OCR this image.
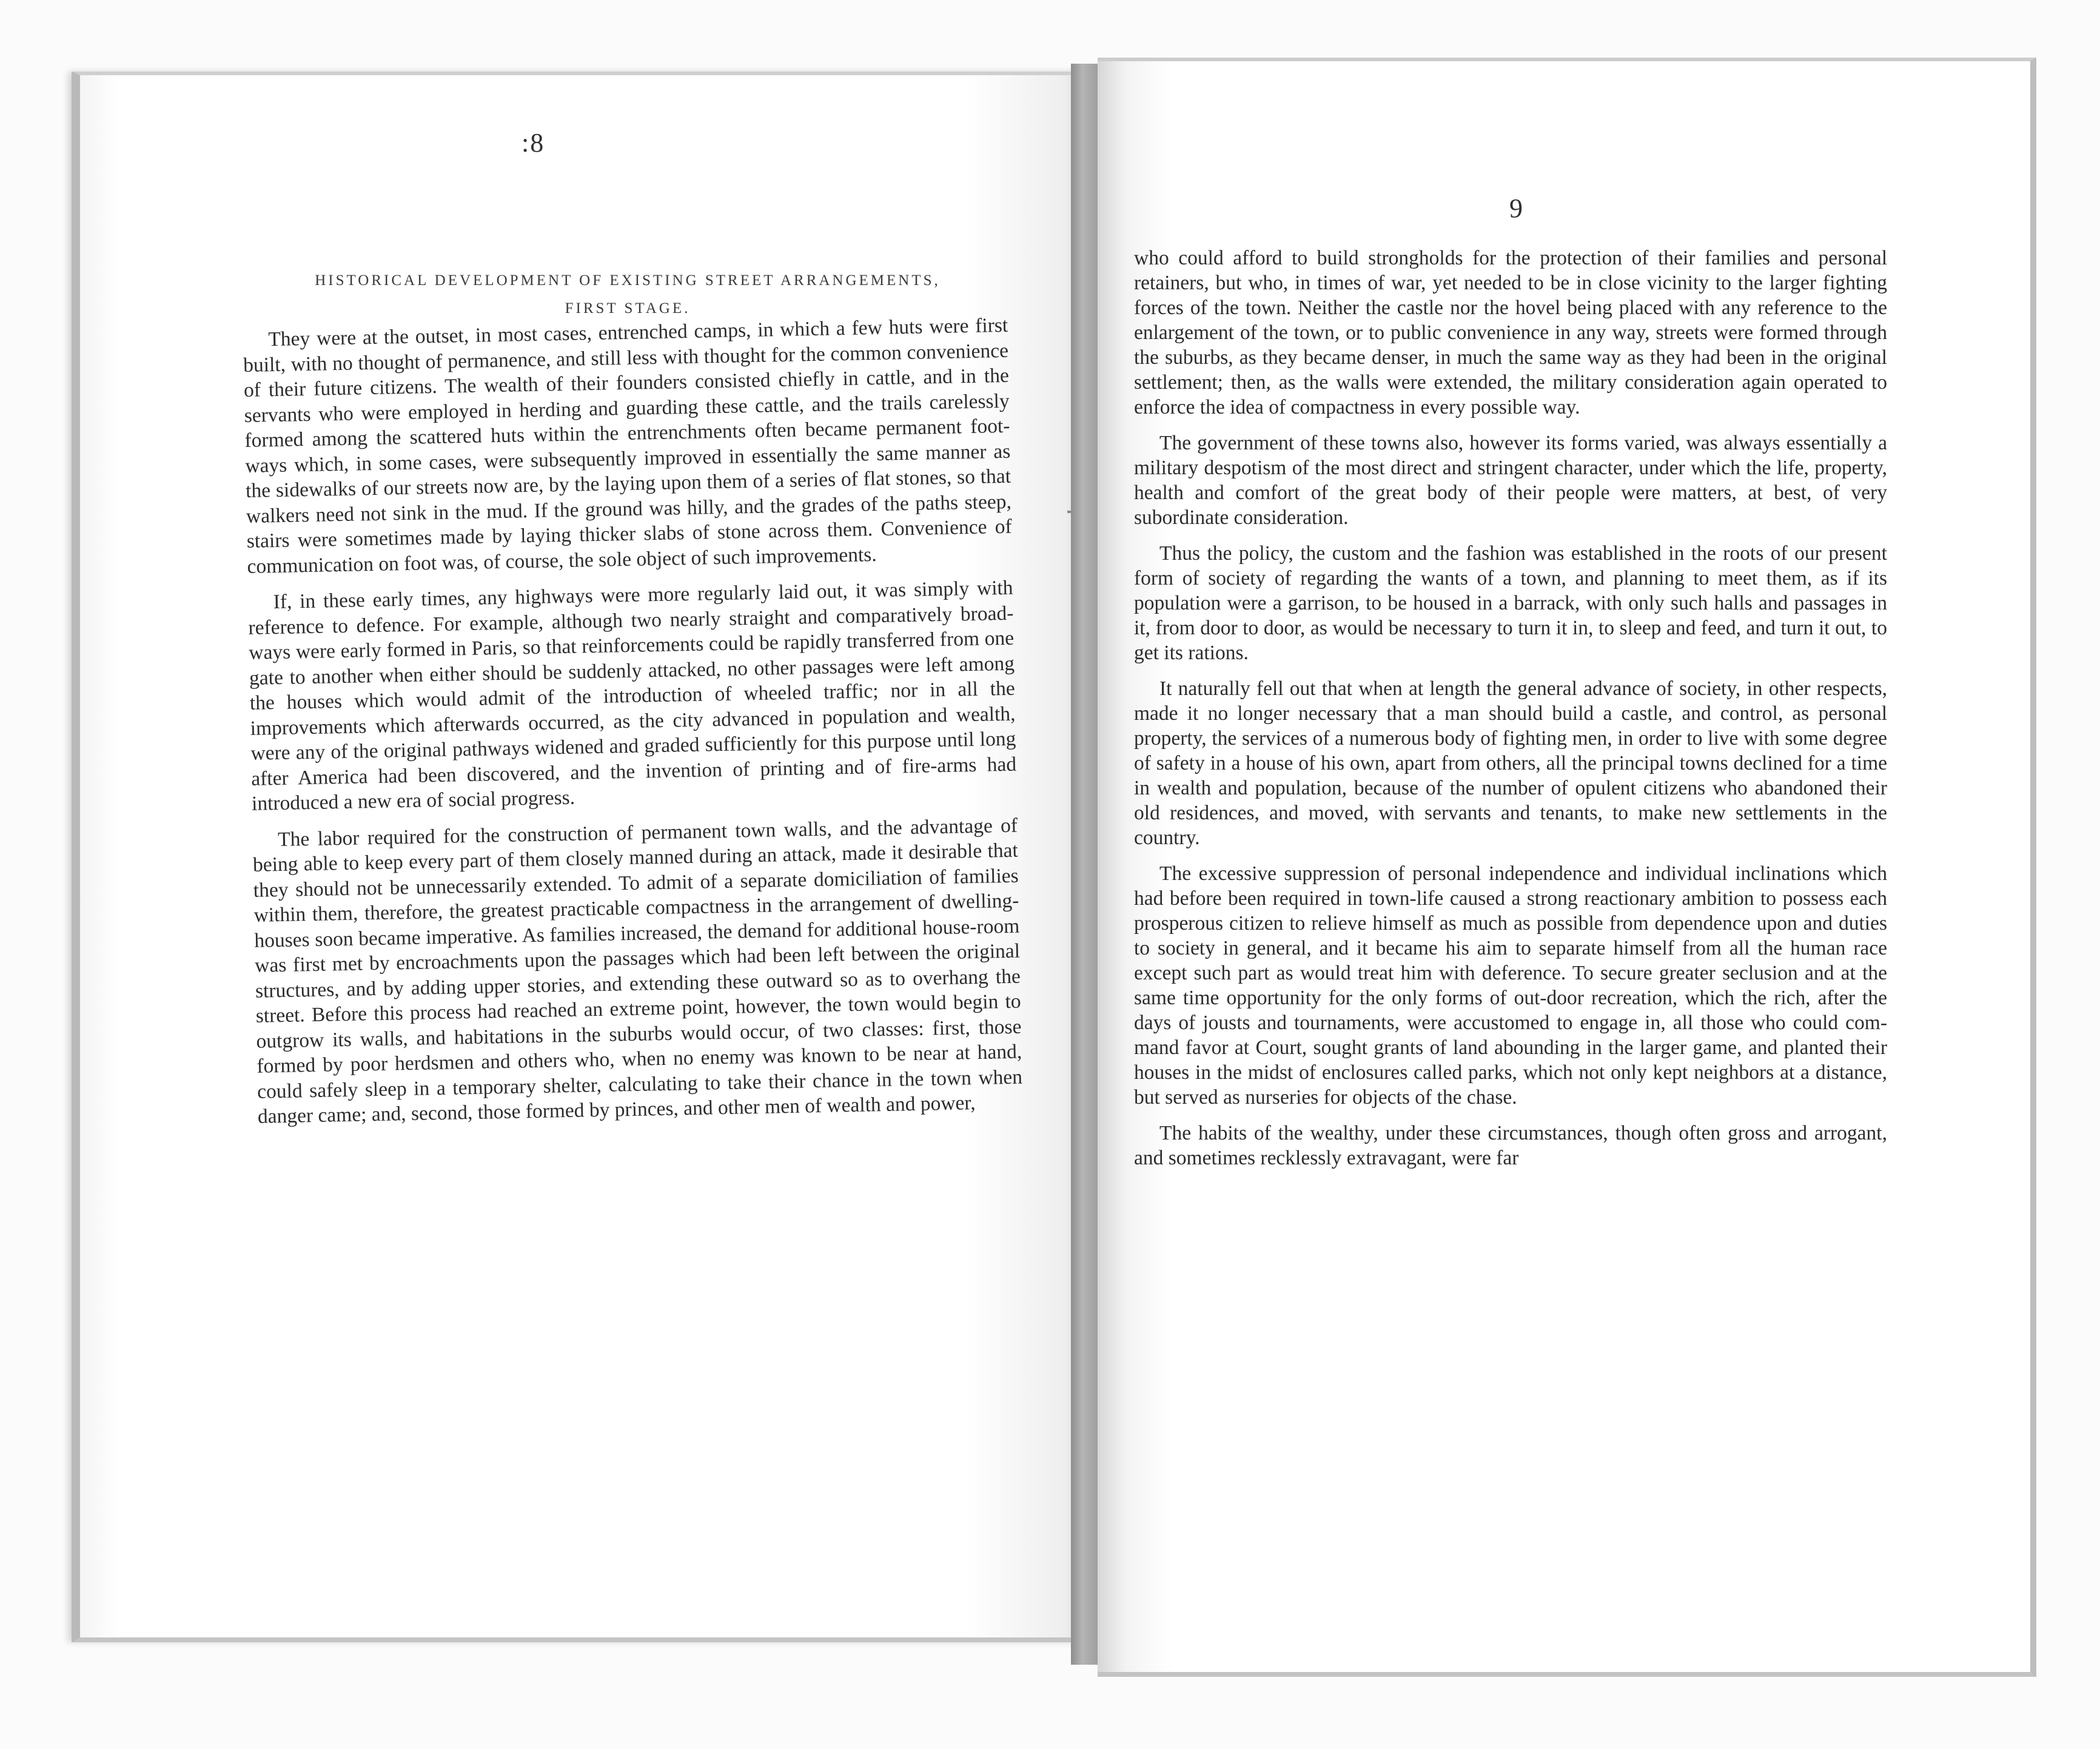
:8
9
HISTORICAL DEVELOPMENT OF EXISTING STREET ARRANGEMENTS,
FIRST STAGE.

They were at the outset, in most cases, entrenched camps, in which a few huts were first built, with no thought of permanence, and still less with thought for the common convenience of their future citizens. The wealth of their founders consisted chiefly in cattle, and in the servants who were employed in herding and guarding these cattle, and the trails carelessly formed among the scattered huts within the entrenchments often became permanent foot-ways which, in some cases, were subsequently improved in essentially the same manner as the sidewalks of our streets now are, by the laying upon them of a series of flat stones, so that walkers need not sink in the mud. If the ground was hilly, and the grades of the paths steep, stairs were sometimes made by laying thicker slabs of stone across them. Convenience of communication on foot was, of course, the sole object of such improvements.

If, in these early times, any highways were more regularly laid out, it was simply with reference to defence. For example, although two nearly straight and comparatively broad-ways were early formed in Paris, so that reinforcements could be rapidly transferred from one gate to another when either should be suddenly attacked, no other passages were left among the houses which would admit of the introduction of wheeled traffic; nor in all the improvements which afterwards occurred, as the city advanced in population and wealth, were any of the original pathways widened and graded sufficiently for this purpose until long after America had been discovered, and the invention of printing and of fire-arms had introduced a new era of social progress.

The labor required for the construction of permanent town walls, and the advantage of being able to keep every part of them closely manned during an attack, made it desirable that they should not be unnecessarily extended. To admit of a separate domiciliation of families within them, therefore, the greatest practicable compactness in the arrangement of dwelling-houses soon became imperative. As families increased, the demand for additional house-room was first met by encroachments upon the passages which had been left between the original structures, and by adding upper stories, and extending these outward so as to overhang the street. Before this process had reached an extreme point, however, the town would begin to outgrow its walls, and habitations in the suburbs would occur, of two classes: first, those formed by poor herdsmen and others who, when no enemy was known to be near at hand, could safely sleep in a temporary shelter, calculating to take their chance in the town when danger came; and, second, those formed by princes, and other men of wealth and power,

who could afford to build strongholds for the protection of their families and personal retainers, but who, in times of war, yet needed to be in close vicinity to the larger fighting forces of the town. Neither the castle nor the hovel being placed with any reference to the enlargement of the town, or to public convenience in any way, streets were formed through the suburbs, as they became denser, in much the same way as they had been in the original settlement; then, as the walls were extended, the military consideration again operated to enforce the idea of compactness in every possible way.

The government of these towns also, however its forms varied, was always essentially a military despotism of the most direct and stringent character, under which the life, property, health and comfort of the great body of their people were matters, at best, of very subordinate consideration.

Thus the policy, the custom and the fashion was established in the roots of our present form of society of regarding the wants of a town, and planning to meet them, as if its population were a garrison, to be housed in a barrack, with only such halls and passages in it, from door to door, as would be necessary to turn it in, to sleep and feed, and turn it out, to get its rations.

It naturally fell out that when at length the general advance of society, in other respects, made it no longer necessary that a man should build a castle, and control, as personal property, the services of a numerous body of fighting men, in order to live with some degree of safety in a house of his own, apart from others, all the principal towns declined for a time in wealth and population, because of the number of opulent citizens who abandoned their old residences, and moved, with servants and tenants, to make new settlements in the country.

The excessive suppression of personal independence and individual inclinations which had before been required in town-life caused a strong reactionary ambition to possess each prosperous citizen to relieve himself as much as possible from dependence upon and duties to society in general, and it became his aim to separate himself from all the human race except such part as would treat him with deference. To secure greater seclusion and at the same time opportunity for the only forms of out-door recreation, which the rich, after the days of jousts and tournaments, were accustomed to engage in, all those who could command favor at Court, sought grants of land abounding in the larger game, and planted their houses in the midst of enclosures called parks, which not only kept neighbors at a distance, but served as nurseries for objects of the chase.

The habits of the wealthy, under these circumstances, though often gross and arrogant, and sometimes recklessly extravagant, were far
